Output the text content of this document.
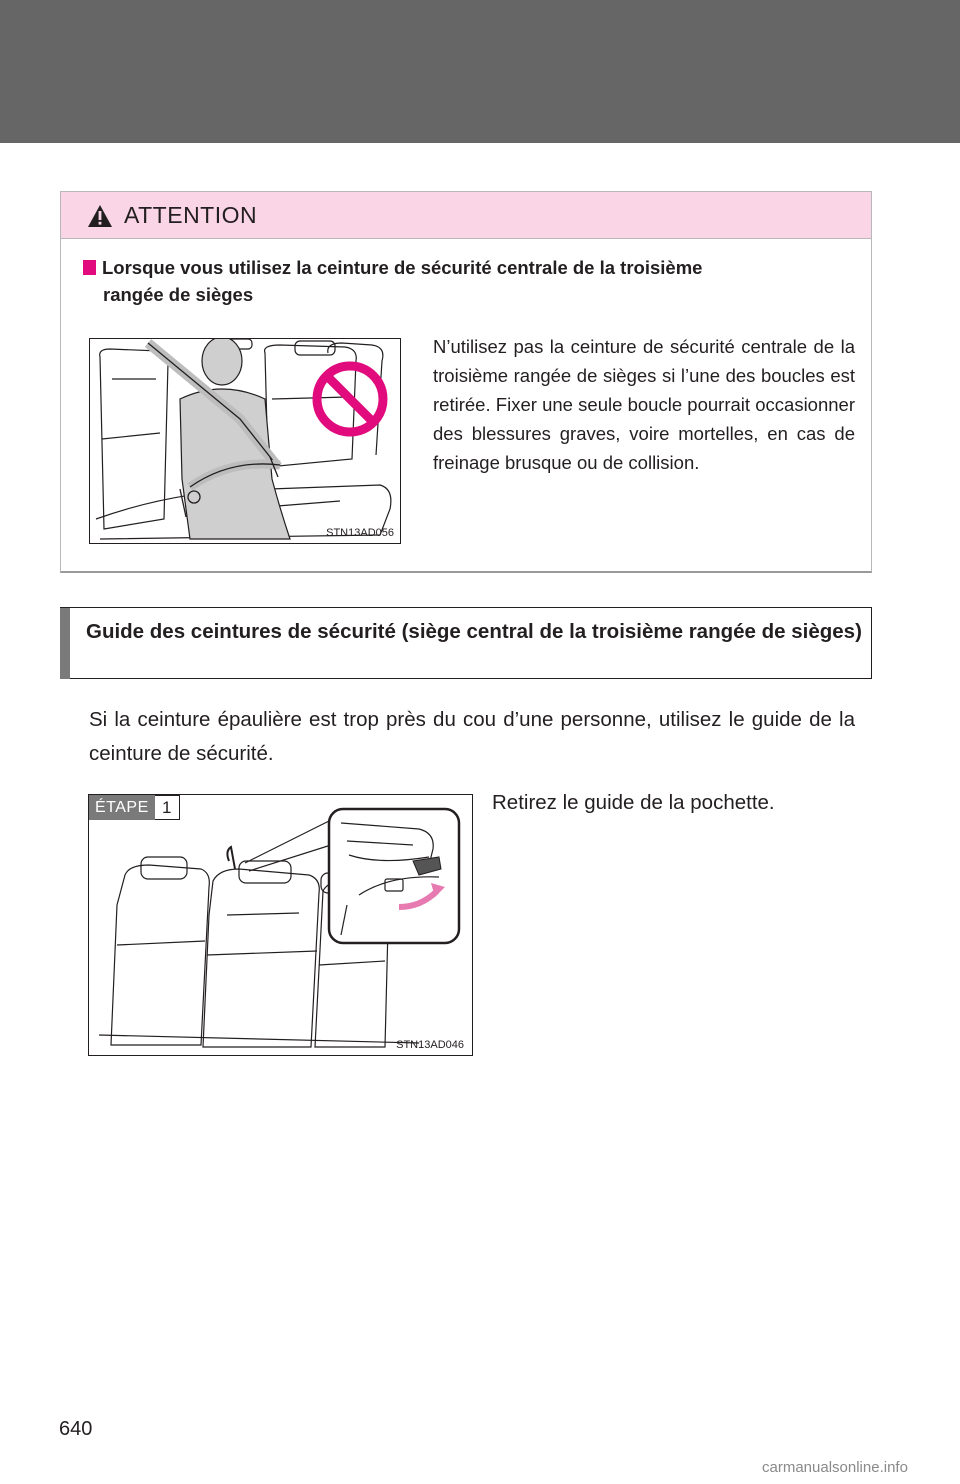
ATTENTION
Lorsque vous utilisez la ceinture de sécurité centrale de la troisième
rangée de sièges
STN13AD056
N’utilisez pas la ceinture de sécurité centrale de la troisième rangée de sièges si l’une des boucles est retirée. Fixer une seule boucle pourrait occasionner des blessures graves, voire mortelles, en cas de freinage brusque ou de collision.
Guide des ceintures de sécurité (siège central de la troisième rangée de sièges)
Si la ceinture épaulière est trop près du cou d’une personne, utilisez le guide de la ceinture de sécurité.
ÉTAPE 1
STN13AD046
Retirez le guide de la pochette.
640
carmanualsonline.info
